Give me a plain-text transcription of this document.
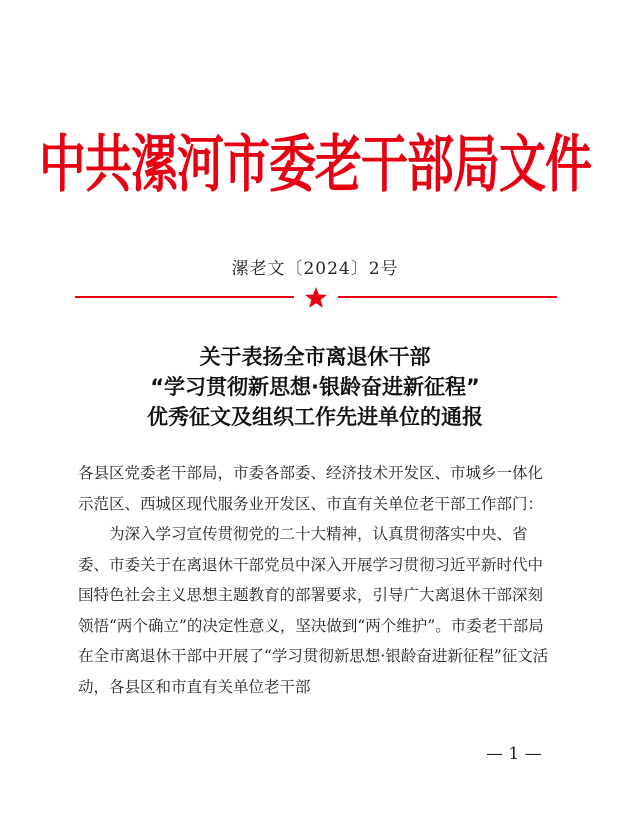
中共漯河市委老干部局文件
漯老文〔2024〕2号
关于表扬全市离退休干部
“学习贯彻新思想·银龄奋进新征程”
优秀征文及组织工作先进单位的通报

各县区党委老干部局，市委各部委、经济技术开发区、市城乡一体化示范区、西城区现代服务业开发区、市直有关单位老干部工作部门：

为深入学习宣传贯彻党的二十大精神，认真贯彻落实中央、省委、市委关于在离退休干部党员中深入开展学习贯彻习近平新时代中国特色社会主义思想主题教育的部署要求，引导广大离退休干部深刻领悟“两个确立”的决定性意义，坚决做到“两个维护”。市委老干部局在全市离退休干部中开展了“学习贯彻新思想·银龄奋进新征程”征文活动，各县区和市直有关单位老干部

— 1 —
